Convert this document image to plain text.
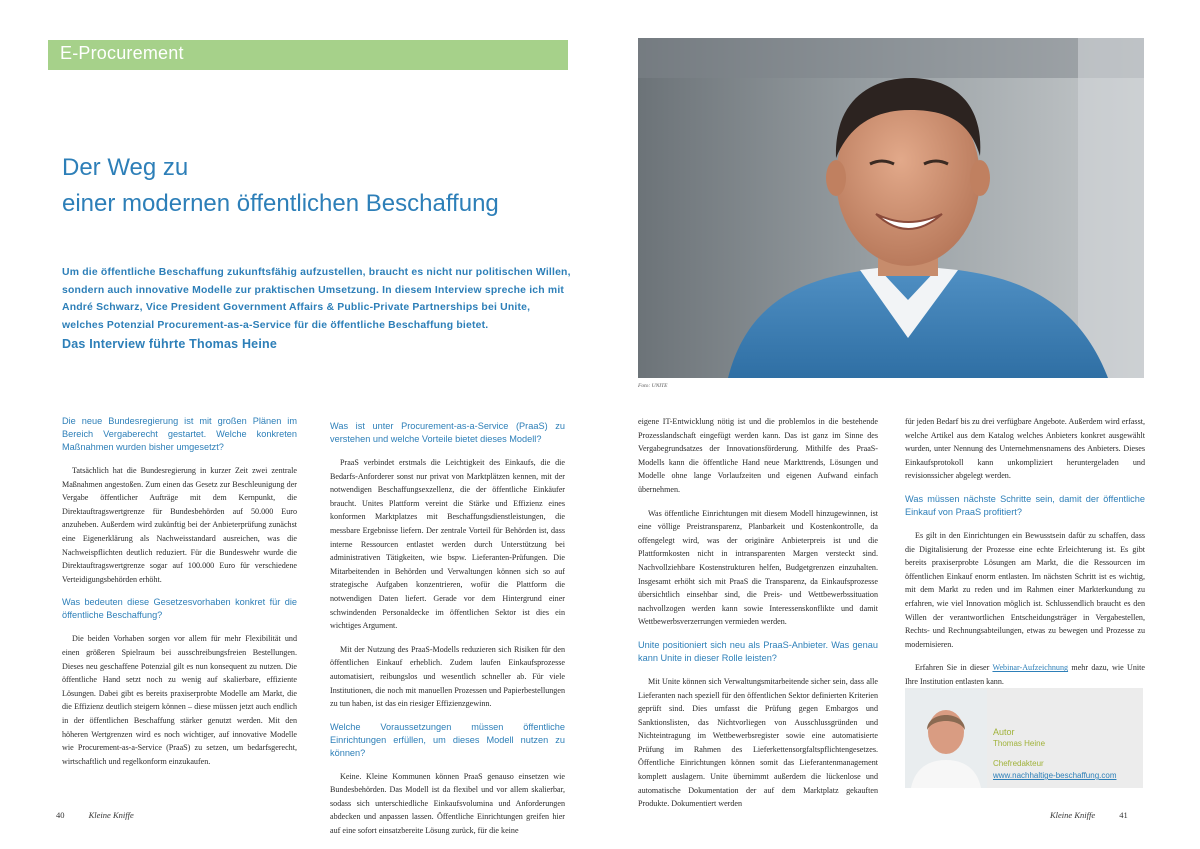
E-Procurement
Der Weg zu
einer modernen öffentlichen Beschaffung

Um die öffentliche Beschaffung zukunftsfähig aufzustellen, braucht es nicht nur politischen Willen, sondern auch innovative Modelle zur praktischen Umsetzung. In diesem Interview spreche ich mit André Schwarz, Vice President Government Affairs & Public-Private Partnerships bei Unite, welches Potenzial Procurement-as-a-Service für die öffentliche Beschaffung bietet.

Das Interview führte Thomas Heine

Die neue Bundesregierung ist mit großen Plänen im Bereich Vergaberecht gestartet. Welche konkreten Maßnahmen wurden bisher umgesetzt?

Tatsächlich hat die Bundesregierung in kurzer Zeit zwei zentrale Maßnahmen angestoßen. Zum einen das Gesetz zur Beschleunigung der Vergabe öffentlicher Aufträge mit dem Kernpunkt, die Direktauftragswertgrenze für Bundesbehörden auf 50.000 Euro anzuheben. Außerdem wird zukünftig bei der Anbieterprüfung zunächst eine Eigenerklärung als Nachweisstandard ausreichen, was die Nachweispflichten deutlich reduziert. Für die Bundeswehr wurde die Direktauftragswertgrenze sogar auf 100.000 Euro für verschiedene Verteidigungsbehörden erhöht.

Was bedeuten diese Gesetzesvorhaben konkret für die öffentliche Beschaffung?

Die beiden Vorhaben sorgen vor allem für mehr Flexibilität und einen größeren Spielraum bei ausschreibungsfreien Bestellungen. Dieses neu geschaffene Potenzial gilt es nun konsequent zu nutzen. Die öffentliche Hand setzt noch zu wenig auf skalierbare, effiziente Lösungen. Dabei gibt es bereits praxiserprobte Modelle am Markt, die die Effizienz deutlich steigern können – diese müssen jetzt auch endlich in der öffentlichen Beschaffung stärker genutzt werden. Mit den höheren Wertgrenzen wird es noch wichtiger, auf innovative Modelle wie Procurement-as-a-Service (PraaS) zu setzen, um bedarfsgerecht, wirtschaftlich und regelkonform einzukaufen.

Was ist unter Procurement-as-a-Service (PraaS) zu verstehen und welche Vorteile bietet dieses Modell?

PraaS verbindet erstmals die Leichtigkeit des Einkaufs, die die Bedarfs-Anforderer sonst nur privat von Marktplätzen kennen, mit der notwendigen Beschaffungsexzellenz, die der öffentliche Einkäufer braucht. Unites Plattform vereint die Stärke und Effizienz eines konformen Marktplatzes mit Beschaffungsdienstleistungen, die messbare Ergebnisse liefern. Der zentrale Vorteil für Behörden ist, dass interne Ressourcen entlastet werden durch Unterstützung bei administrativen Tätigkeiten, wie bspw. Lieferanten-Prüfungen. Die Mitarbeitenden in Behörden und Verwaltungen können sich so auf strategische Aufgaben konzentrieren, wofür die Plattform die notwendigen Daten liefert. Gerade vor dem Hintergrund einer schwindenden Personaldecke im öffentlichen Sektor ist dies ein wichtiges Argument.

Mit der Nutzung des PraaS-Modells reduzieren sich Risiken für den öffentlichen Einkauf erheblich. Zudem laufen Einkaufsprozesse automatisiert, reibungslos und wesentlich schneller ab. Für viele Institutionen, die noch mit manuellen Prozessen und Papierbestellungen zu tun haben, ist das ein riesiger Effizienzgewinn.

Welche Voraussetzungen müssen öffentliche Einrichtungen erfüllen, um dieses Modell nutzen zu können?

Keine. Kleine Kommunen können PraaS genauso einsetzen wie Bundesbehörden. Das Modell ist da flexibel und vor allem skalierbar, sodass sich unterschiedliche Einkaufsvolumina und Anforderungen abdecken und anpassen lassen. Öffentliche Einrichtungen greifen hier auf eine sofort einsatzbereite Lösung zurück, für die keine

40	Kleine Kniffe
Foto: UNITE

eigene IT-Entwicklung nötig ist und die problemlos in die bestehende Prozesslandschaft eingefügt werden kann. Das ist ganz im Sinne des Vergabegrundsatzes der Innovationsförderung. Mithilfe des PraaS-Modells kann die öffentliche Hand neue Markttrends, Lösungen und Modelle ohne lange Vorlaufzeiten und eigenen Aufwand einfach übernehmen.

Was öffentliche Einrichtungen mit diesem Modell hinzugewinnen, ist eine völlige Preistransparenz, Planbarkeit und Kostenkontrolle, da offengelegt wird, was der originäre Anbieterpreis ist und die Plattformkosten nicht in intransparenten Margen versteckt sind. Nachvollziehbare Kostenstrukturen helfen, Budgetgrenzen einzuhalten. Insgesamt erhöht sich mit PraaS die Transparenz, da Einkaufsprozesse übersichtlich einsehbar sind, die Preis- und Wettbewerbssituation nachvollzogen werden kann sowie Interessenskonflikte und damit Wettbewerbsverzerrungen vermieden werden.

Unite positioniert sich neu als PraaS-Anbieter. Was genau kann Unite in dieser Rolle leisten?

Mit Unite können sich Verwaltungsmitarbeitende sicher sein, dass alle Lieferanten nach speziell für den öffentlichen Sektor definierten Kriterien geprüft sind. Dies umfasst die Prüfung gegen Embargos und Sanktionslisten, das Nichtvorliegen von Ausschlussgründen und Nichteintragung im Wettbewerbsregister sowie eine automatisierte Prüfung im Rahmen des Lieferkettensorgfaltspflichtengesetzes. Öffentliche Einrichtungen können somit das Lieferantenmanagement komplett auslagern. Unite übernimmt außerdem die lückenlose und automatische Dokumentation der auf dem Marktplatz gekauften Produkte. Dokumentiert werden

für jeden Bedarf bis zu drei verfügbare Angebote. Außerdem wird erfasst, welche Artikel aus dem Katalog welches Anbieters konkret ausgewählt wurden, unter Nennung des Unternehmensnamens des Anbieters. Dieses Einkaufsprotokoll kann unkompliziert heruntergeladen und revisionssicher abgelegt werden.

Was müssen nächste Schritte sein, damit der öffentliche Einkauf von PraaS profitiert?

Es gilt in den Einrichtungen ein Bewusstsein dafür zu schaffen, dass die Digitalisierung der Prozesse eine echte Erleichterung ist. Es gibt bereits praxiserprobte Lösungen am Markt, die die Ressourcen im öffentlichen Einkauf enorm entlasten. Im nächsten Schritt ist es wichtig, mit dem Markt zu reden und im Rahmen einer Markterkundung zu erfahren, wie viel Innovation möglich ist. Schlussendlich braucht es den Willen der verantwortlichen Entscheidungsträger in Vergabestellen, Rechts- und Rechnungsabteilungen, etwas zu bewegen und Prozesse zu modernisieren.

Erfahren Sie in dieser Webinar-Aufzeichnung mehr dazu, wie Unite Ihre Institution entlasten kann.

Autor
Thomas Heine
Chefredakteur
www.nachhaltige-beschaffung.com
Kleine Kniffe	41
